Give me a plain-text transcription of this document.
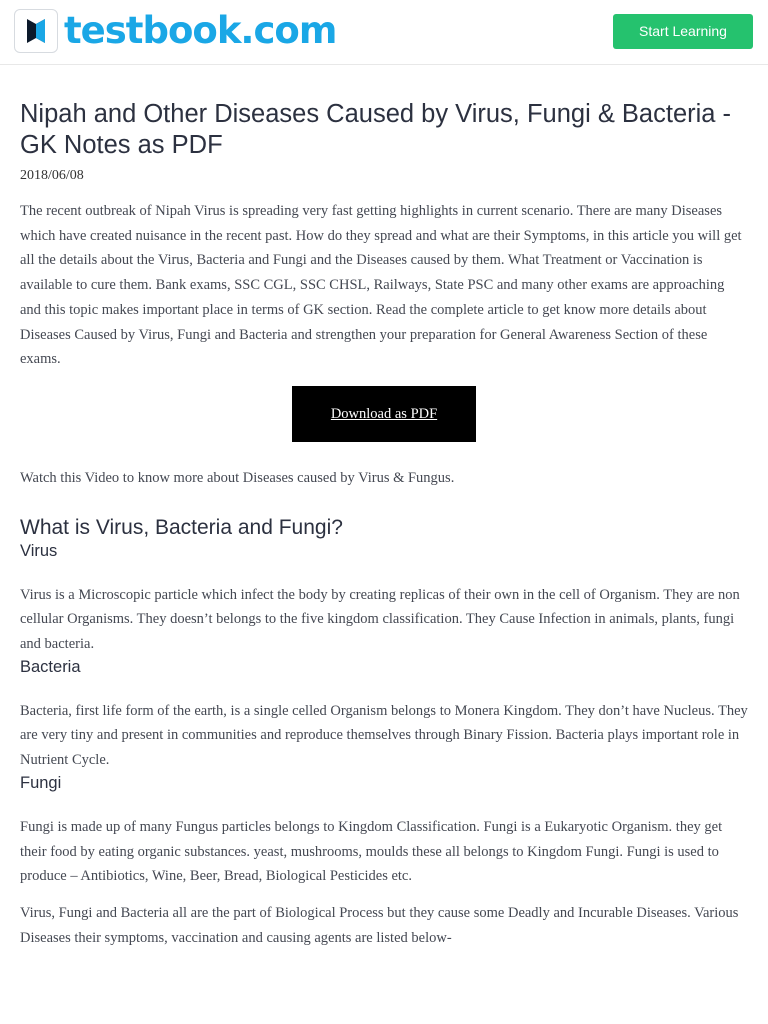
testbook.com	Start Learning
Nipah and Other Diseases Caused by Virus, Fungi & Bacteria - GK Notes as PDF
2018/06/08

The recent outbreak of Nipah Virus is spreading very fast getting highlights in current scenario. There are many Diseases which have created nuisance in the recent past. How do they spread and what are their Symptoms, in this article you will get all the details about the Virus, Bacteria and Fungi and the Diseases caused by them. What Treatment or Vaccination is available to cure them. Bank exams, SSC CGL, SSC CHSL, Railways, State PSC and many other exams are approaching and this topic makes important place in terms of GK section. Read the complete article to get know more details about Diseases Caused by Virus, Fungi and Bacteria and strengthen your preparation for General Awareness Section of these exams.

Download as PDF

Watch this Video to know more about Diseases caused by Virus & Fungus.

What is Virus, Bacteria and Fungi?
Virus

Virus is a Microscopic particle which infect the body by creating replicas of their own in the cell of Organism. They are non cellular Organisms. They doesn’t belongs to the five kingdom classification. They Cause Infection in animals, plants, fungi and bacteria.

Bacteria

Bacteria, first life form of the earth, is a single celled Organism belongs to Monera Kingdom. They don’t have Nucleus. They are very tiny and present in communities and reproduce themselves through Binary Fission. Bacteria plays important role in Nutrient Cycle.

Fungi

Fungi is made up of many Fungus particles belongs to Kingdom Classification. Fungi is a Eukaryotic Organism. they get their food by eating organic substances. yeast, mushrooms, moulds these all belongs to Kingdom Fungi. Fungi is used to produce – Antibiotics, Wine, Beer, Bread, Biological Pesticides etc.

Virus, Fungi and Bacteria all are the part of Biological Process but they cause some Deadly and Incurable Diseases. Various Diseases their symptoms, vaccination and causing agents are listed below-
